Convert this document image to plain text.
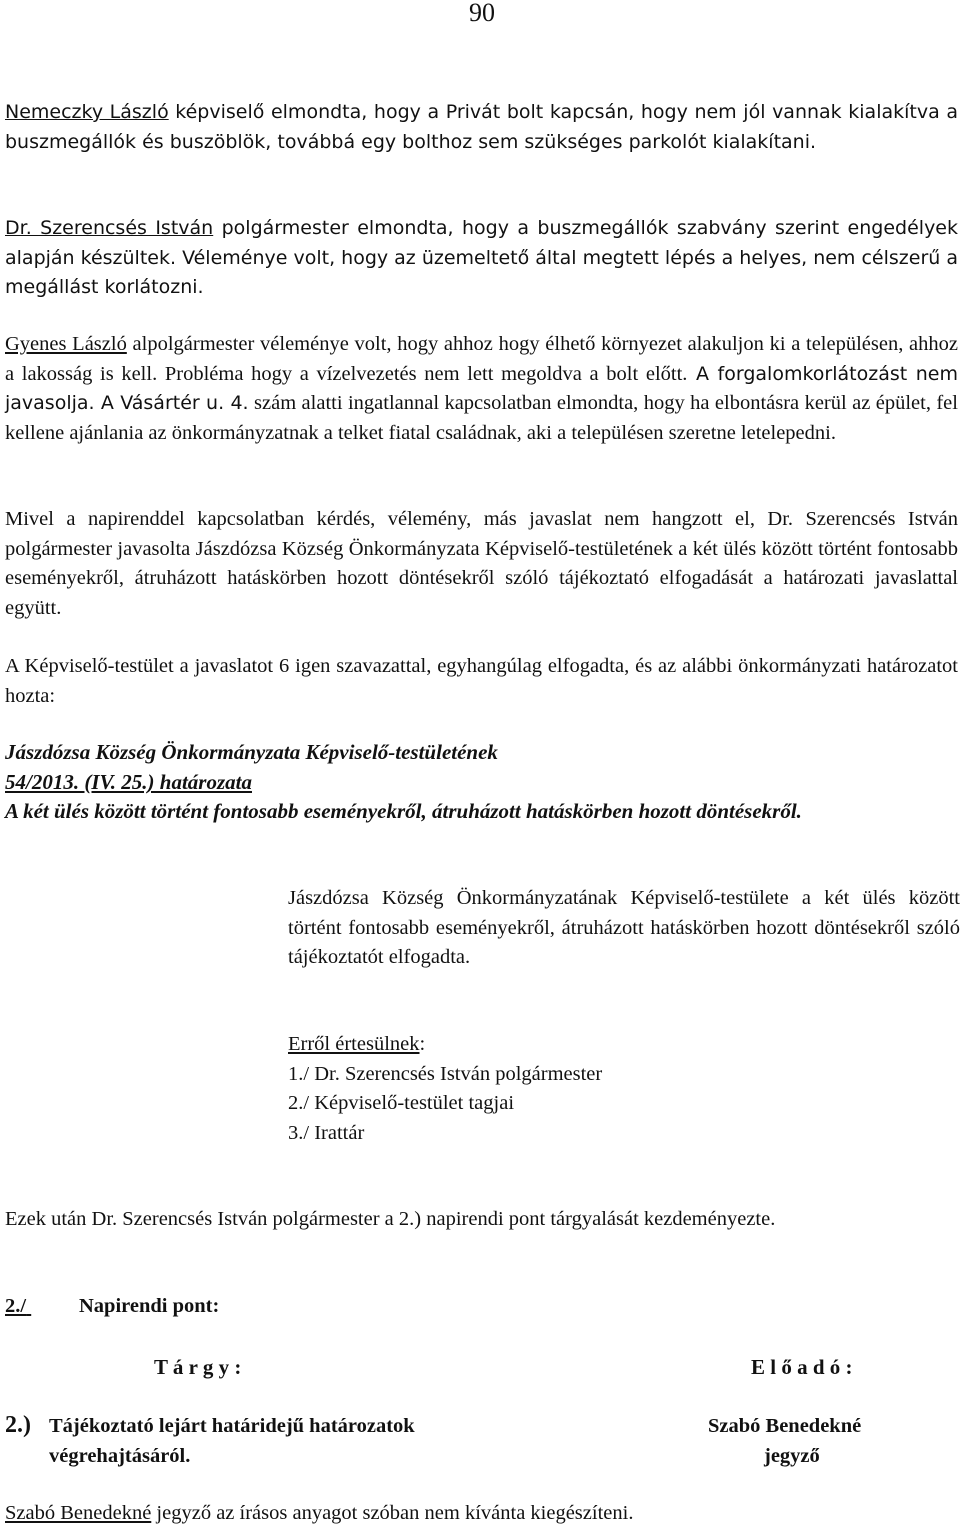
90
Nemeczky László képviselő elmondta, hogy a Privát bolt kapcsán, hogy nem jól vannak kialakítva a buszmegállók és buszöblök, továbbá egy bolthoz sem szükséges parkolót kialakítani.
Dr. Szerencsés István polgármester elmondta, hogy a buszmegállók szabvány szerint engedélyek alapján készültek. Véleménye volt, hogy az üzemeltető által megtett lépés a helyes, nem célszerű a megállást korlátozni.
Gyenes László alpolgármester véleménye volt, hogy ahhoz hogy élhető környezet alakuljon ki a településen, ahhoz a lakosság is kell. Probléma hogy a vízelvezetés nem lett megoldva a bolt előtt. A forgalomkorlátozást nem javasolja. A Vásártér u. 4. szám alatti ingatlannal kapcsolatban elmondta, hogy ha elbontásra kerül az épület, fel kellene ajánlania az önkormányzatnak a telket fiatal családnak, aki a településen szeretne letelepedni.
Mivel a napirenddel kapcsolatban kérdés, vélemény, más javaslat nem hangzott el, Dr. Szerencsés István polgármester javasolta Jászdózsa Község Önkormányzata Képviselő-testületének a két ülés között történt fontosabb eseményekről, átruházott hatáskörben hozott döntésekről szóló tájékoztató elfogadását a határozati javaslattal együtt.
A Képviselő-testület a javaslatot 6 igen szavazattal, egyhangúlag elfogadta, és az alábbi önkormányzati határozatot hozta:
Jászdózsa Község Önkormányzata Képviselő-testületének
54/2013. (IV. 25.) határozata
A két ülés között történt fontosabb eseményekről, átruházott hatáskörben hozott döntésekről.
Jászdózsa Község Önkormányzatának Képviselő-testülete a két ülés között történt fontosabb eseményekről, átruházott hatáskörben hozott döntésekről szóló tájékoztatót elfogadta.
Erről értesülnek:
1./ Dr. Szerencsés István polgármester
2./ Képviselő-testület tagjai
3./ Irattár
Ezek után Dr. Szerencsés István polgármester a 2.) napirendi pont tárgyalását kezdeményezte.
2./	Napirendi pont:
T á r g y :	E l ő a d ó :
2.) Tájékoztató lejárt határidejű határozatok
végrehajtásáról.
Szabó Benedekné
jegyző
Szabó Benedekné jegyző az írásos anyagot szóban nem kívánta kiegészíteni.
